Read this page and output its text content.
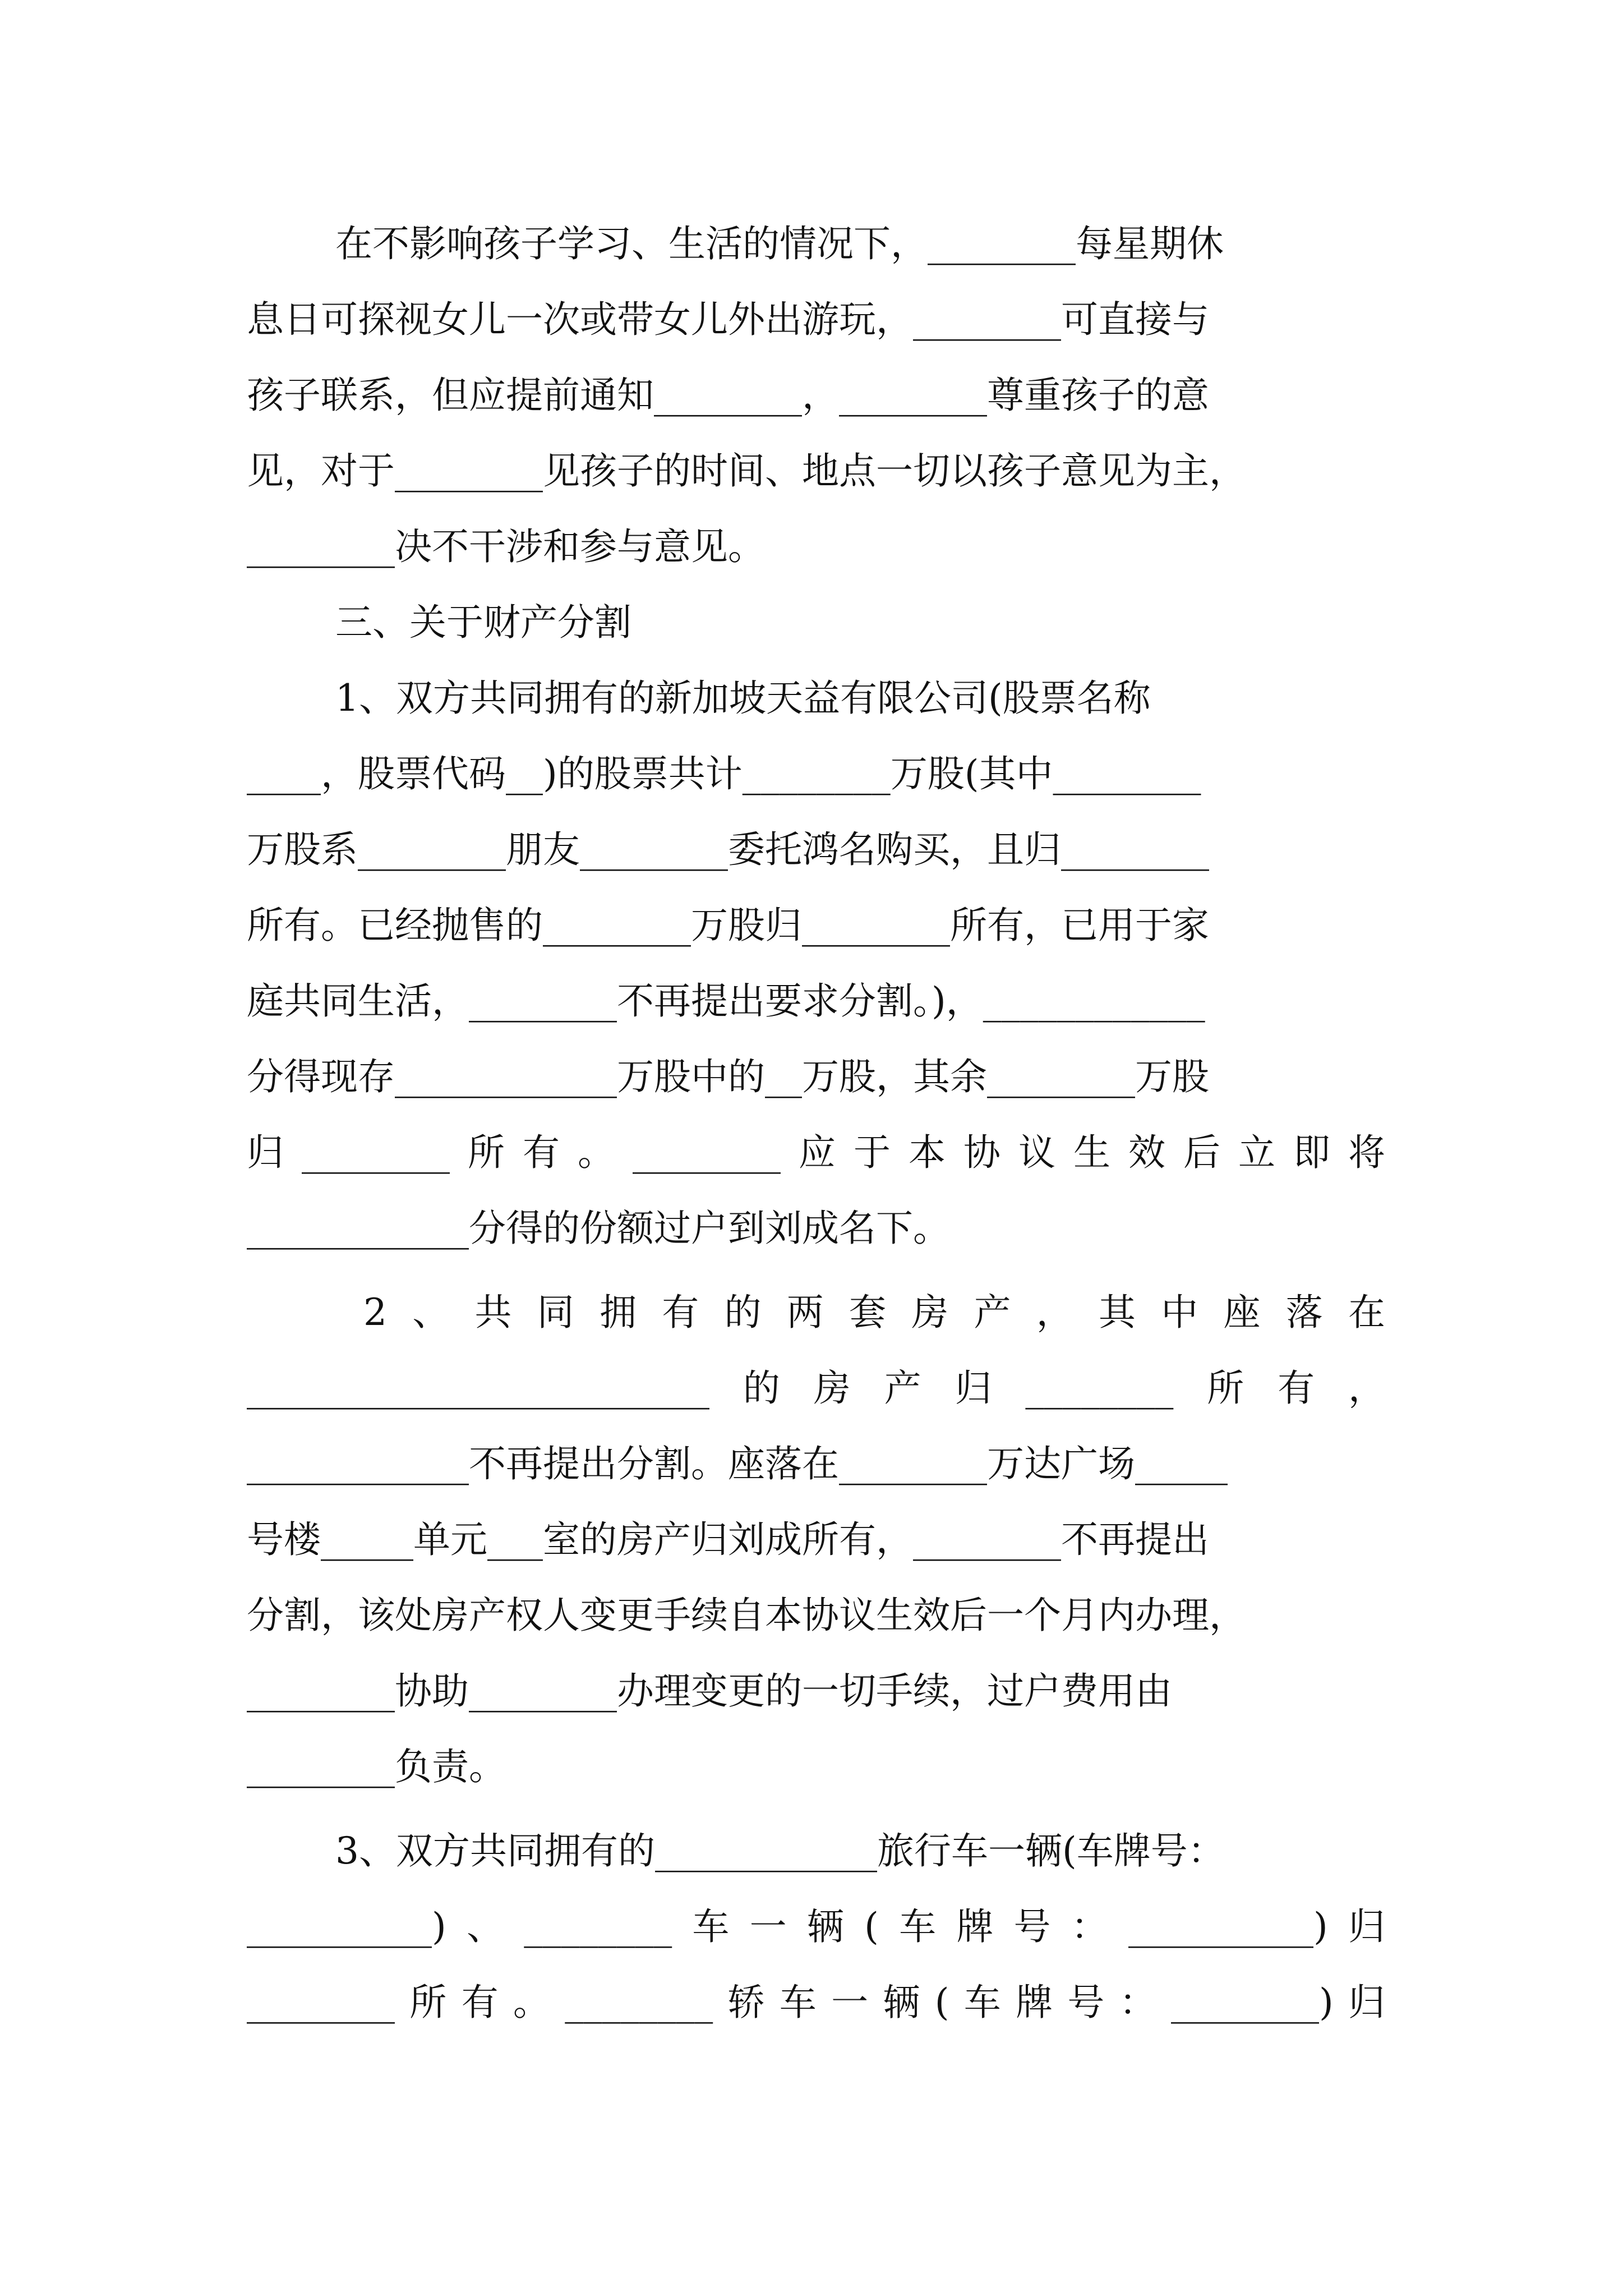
在不影响孩子学习、生活的情况下，________每星期休
息日可探视女儿一次或带女儿外出游玩，________可直接与
孩子联系，但应提前通知________，________尊重孩子的意
见，对于________见孩子的时间、地点一切以孩子意见为主，
________决不干涉和参与意见。
三、关于财产分割
1、双方共同拥有的新加坡天益有限公司(股票名称
____，股票代码__)的股票共计________万股(其中________
万股系________朋友________委托鸿名购买，且归________
所有。已经抛售的________万股归________所有，已用于家
庭共同生活，________不再提出要求分割。)，____________
分得现存____________万股中的__万股，其余________万股
归________所有。________应于本协议生效后立即将
____________分得的份额过户到刘成名下。
2、共同拥有的两套房产，其中座落在
_________________________的房产归________所有，
____________不再提出分割。座落在________万达广场_____
号楼_____单元___室的房产归刘成所有，________不再提出
分割，该处房产权人变更手续自本协议生效后一个月内办理，
________协助________办理变更的一切手续，过户费用由
________负责。
3、双方共同拥有的____________旅行车一辆(车牌号：
__________)、________车一辆(车牌号：__________)归
________所有。________轿车一辆(车牌号：________)归
